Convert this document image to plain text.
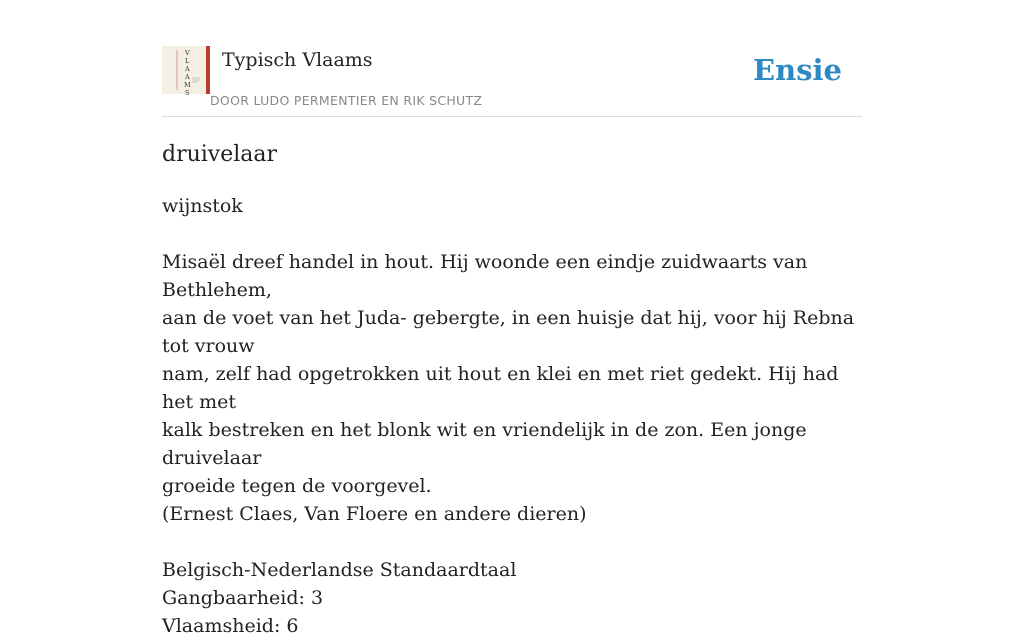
V
L
A
A
M
S
Typisch Vlaams
DOOR LUDO PERMENTIER EN RIK SCHUTZ
Ensie
druivelaar

wijnstok

Misaël dreef handel in hout. Hij woonde een eindje zuidwaarts van Bethlehem,

aan de voet van het Juda- gebergte, in een huisje dat hij, voor hij Rebna tot vrouw

nam, zelf had opgetrokken uit hout en klei en met riet gedekt. Hij had het met

kalk bestreken en het blonk wit en vriendelijk in de zon. Een jonge druivelaar

groeide tegen de voorgevel.

(Ernest Claes, Van Floere en andere dieren)

Belgisch-Nederlandse Standaardtaal

Gangbaarheid: 3

Vlaamsheid: 6
